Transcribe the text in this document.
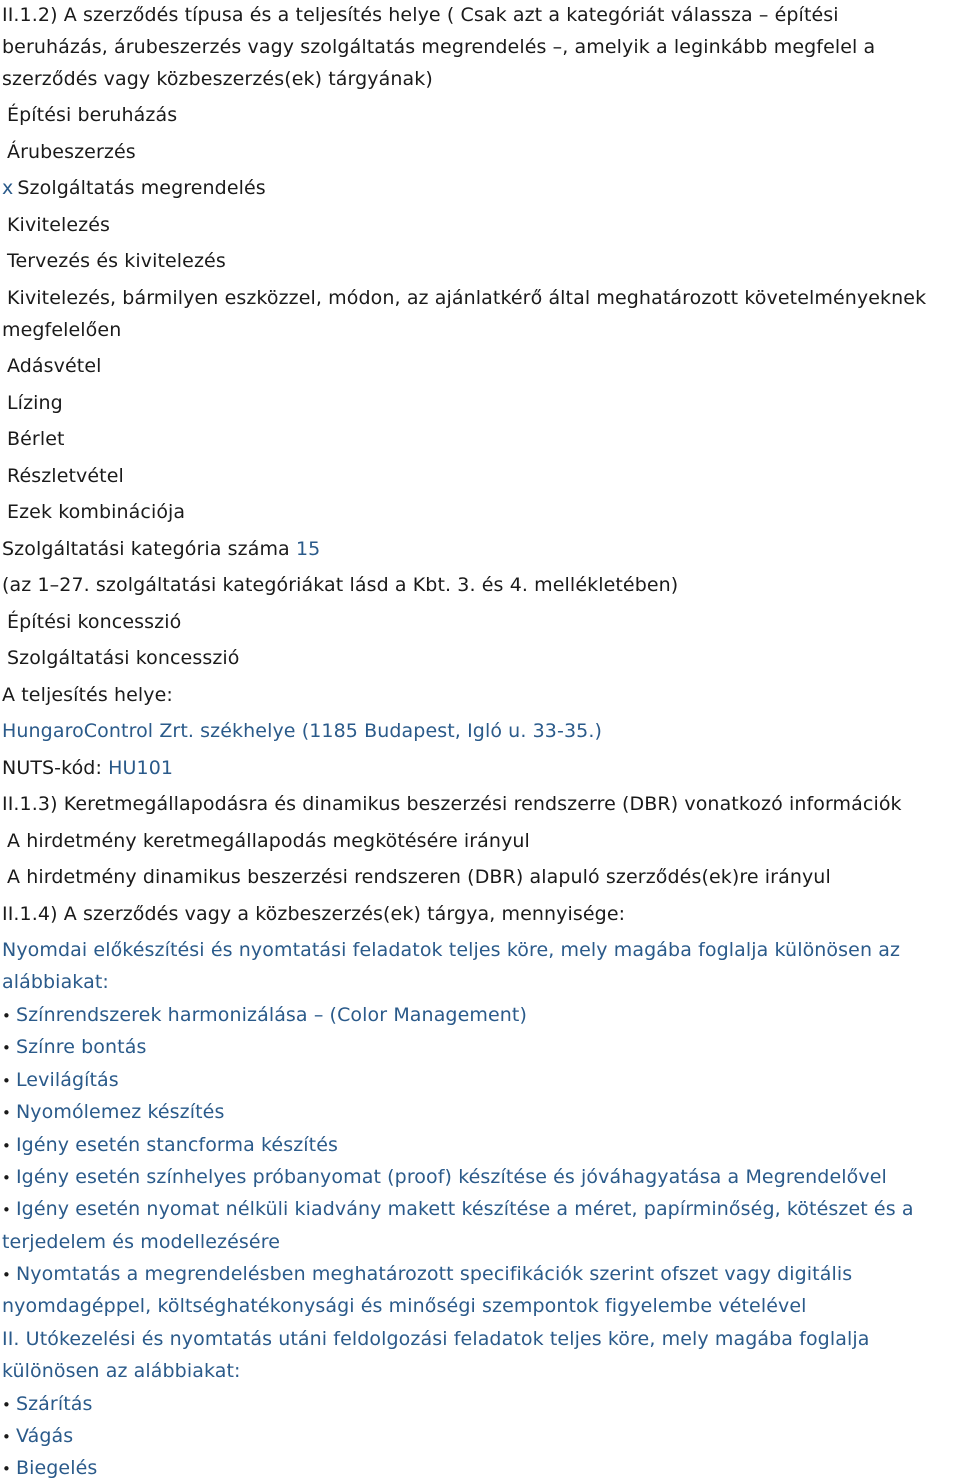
II.1.2) A szerződés típusa és a teljesítés helye ( Csak azt a kategóriát válassza – építési
beruházás, árubeszerzés vagy szolgáltatás megrendelés –, amelyik a leginkább megfelel a
szerződés vagy közbeszerzés(ek) tárgyának)
Építési beruházás
Árubeszerzés
x Szolgáltatás megrendelés
Kivitelezés
Tervezés és kivitelezés
Kivitelezés, bármilyen eszközzel, módon, az ajánlatkérő által meghatározott követelményeknek
megfelelően
Adásvétel
Lízing
Bérlet
Részletvétel
Ezek kombinációja
Szolgáltatási kategória száma 15
(az 1–27. szolgáltatási kategóriákat lásd a Kbt. 3. és 4. mellékletében)
Építési koncesszió
Szolgáltatási koncesszió
A teljesítés helye:
HungaroControl Zrt. székhelye (1185 Budapest, Igló u. 33-35.)
NUTS-kód: HU101
II.1.3) Keretmegállapodásra és dinamikus beszerzési rendszerre (DBR) vonatkozó információk
A hirdetmény keretmegállapodás megkötésére irányul
A hirdetmény dinamikus beszerzési rendszeren (DBR) alapuló szerződés(ek)re irányul
II.1.4) A szerződés vagy a közbeszerzés(ek) tárgya, mennyisége:
Nyomdai előkészítési és nyomtatási feladatok teljes köre, mely magába foglalja különösen az
alábbiakat:
• Színrendszerek harmonizálása – (Color Management)
• Színre bontás
• Levilágítás
• Nyomólemez készítés
• Igény esetén stancforma készítés
• Igény esetén színhelyes próbanyomat (proof) készítése és jóváhagyatása a Megrendelővel
• Igény esetén nyomat nélküli kiadvány makett készítése a méret, papírminőség, kötészet és a
terjedelem és modellezésére
• Nyomtatás a megrendelésben meghatározott specifikációk szerint ofszet vagy digitális
nyomdagéppel, költséghatékonysági és minőségi szempontok figyelembe vételével
II. Utókezelési és nyomtatás utáni feldolgozási feladatok teljes köre, mely magába foglalja
különösen az alábbiakat:
• Szárítás
• Vágás
• Biegelés
